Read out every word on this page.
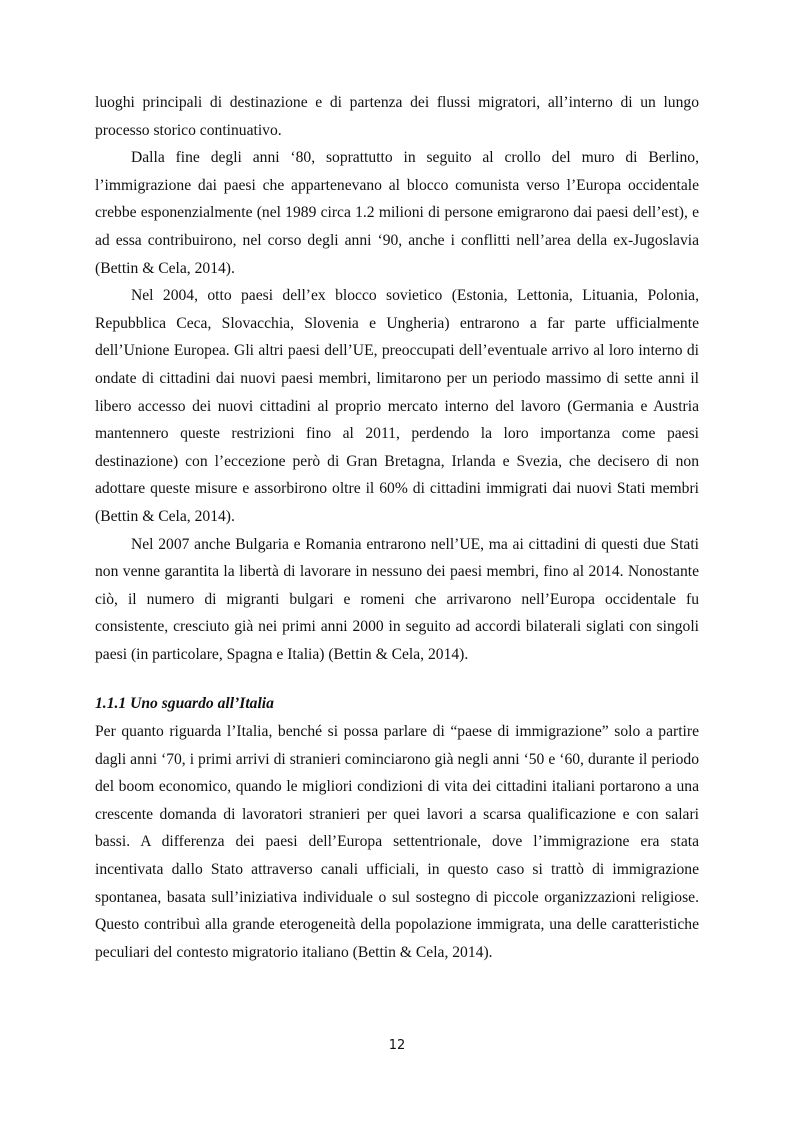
luoghi principali di destinazione e di partenza dei flussi migratori, all’interno di un lungo processo storico continuativo.

Dalla fine degli anni ‘80, soprattutto in seguito al crollo del muro di Berlino, l’immigrazione dai paesi che appartenevano al blocco comunista verso l’Europa occidentale crebbe esponenzialmente (nel 1989 circa 1.2 milioni di persone emigrarono dai paesi dell’est), e ad essa contribuirono, nel corso degli anni ‘90, anche i conflitti nell’area della ex-Jugoslavia (Bettin & Cela, 2014).

Nel 2004, otto paesi dell’ex blocco sovietico (Estonia, Lettonia, Lituania, Polonia, Repubblica Ceca, Slovacchia, Slovenia e Ungheria) entrarono a far parte ufficialmente dell’Unione Europea. Gli altri paesi dell’UE, preoccupati dell’eventuale arrivo al loro interno di ondate di cittadini dai nuovi paesi membri, limitarono per un periodo massimo di sette anni il libero accesso dei nuovi cittadini al proprio mercato interno del lavoro (Germania e Austria mantennero queste restrizioni fino al 2011, perdendo la loro importanza come paesi destinazione) con l’eccezione però di Gran Bretagna, Irlanda e Svezia, che decisero di non adottare queste misure e assorbirono oltre il 60% di cittadini immigrati dai nuovi Stati membri (Bettin & Cela, 2014).

Nel 2007 anche Bulgaria e Romania entrarono nell’UE, ma ai cittadini di questi due Stati non venne garantita la libertà di lavorare in nessuno dei paesi membri, fino al 2014. Nonostante ciò, il numero di migranti bulgari e romeni che arrivarono nell’Europa occidentale fu consistente, cresciuto già nei primi anni 2000 in seguito ad accordi bilaterali siglati con singoli paesi (in particolare, Spagna e Italia) (Bettin & Cela, 2014).

1.1.1 Uno sguardo all’Italia

Per quanto riguarda l’Italia, benché si possa parlare di “paese di immigrazione” solo a partire dagli anni ‘70, i primi arrivi di stranieri cominciarono già negli anni ‘50 e ‘60, durante il periodo del boom economico, quando le migliori condizioni di vita dei cittadini italiani portarono a una crescente domanda di lavoratori stranieri per quei lavori a scarsa qualificazione e con salari bassi. A differenza dei paesi dell’Europa settentrionale, dove l’immigrazione era stata incentivata dallo Stato attraverso canali ufficiali, in questo caso si trattò di immigrazione spontanea, basata sull’iniziativa individuale o sul sostegno di piccole organizzazioni religiose. Questo contribuì alla grande eterogeneità della popolazione immigrata, una delle caratteristiche peculiari del contesto migratorio italiano (Bettin & Cela, 2014).

12
